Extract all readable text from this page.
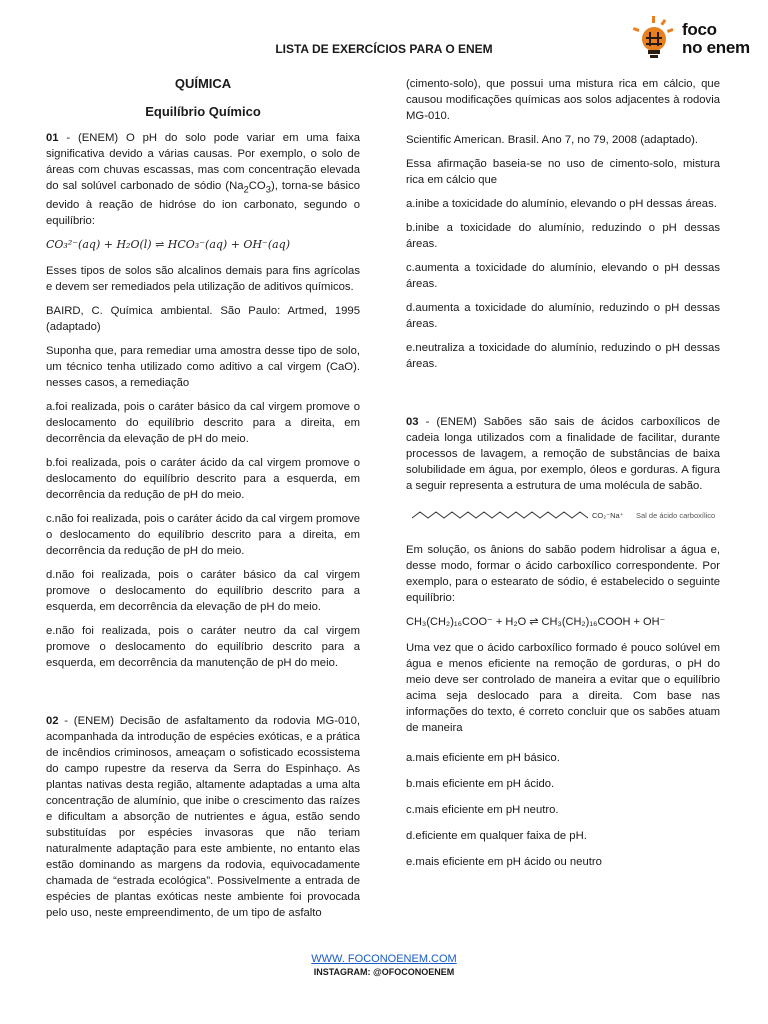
foco
no enem
LISTA DE EXERCÍCIOS PARA O ENEM
QUÍMICA
Equilíbrio Químico

01 - (ENEM) O pH do solo pode variar em uma faixa significativa devido a várias causas. Por exemplo, o solo de áreas com chuvas escassas, mas com concentração elevada do sal solúvel carbonado de sódio $(Na_2CO_3)$, torna-se básico devido à reação de hidróse do ion carbonato, segundo o equilíbrio:

CO₃²⁻(aq) + H₂O(l) ⇌ HCO₃⁻(aq) + OH⁻(aq)

Esses tipos de solos são alcalinos demais para fins agrícolas e devem ser remediados pela utilização de aditivos químicos.

BAIRD, C. Química ambiental. São Paulo: Artmed, 1995 (adaptado)

Suponha que, para remediar uma amostra desse tipo de solo, um técnico tenha utilizado como aditivo a cal virgem (CaO). nesses casos, a remediação

a.foi realizada, pois o caráter básico da cal virgem promove o deslocamento do equilíbrio descrito para a direita, em decorrência da elevação de pH do meio.

b.foi realizada, pois o caráter ácido da cal virgem promove o deslocamento do equilíbrio descrito para a esquerda, em decorrência da redução de pH do meio.

c.não foi realizada, pois o caráter ácido da cal virgem promove o deslocamento do equilíbrio descrito para a direita, em decorrência da redução de pH do meio.

d.não foi realizada, pois o caráter básico da cal virgem promove o deslocamento do equilíbrio descrito para a esquerda, em decorrência da elevação de pH do meio.

e.não foi realizada, pois o caráter neutro da cal virgem promove o deslocamento do equilíbrio descrito para a esquerda, em decorrência da manutenção de pH do meio.

02 - (ENEM) Decisão de asfaltamento da rodovia MG-010, acompanhada da introdução de espécies exóticas, e a prática de incêndios criminosos, ameaçam o sofisticado ecossistema do campo rupestre da reserva da Serra do Espinhaço. As plantas nativas desta região, altamente adaptadas a uma alta concentração de alumínio, que inibe o crescimento das raízes e dificultam a absorção de nutrientes e água, estão sendo substituídas por espécies invasoras que não teriam naturalmente adaptação para este ambiente, no entanto elas estão dominando as margens da rodovia, equivocadamente chamada de “estrada ecológica”. Possivelmente a entrada de espécies de plantas exóticas neste ambiente foi provocada pelo uso, neste empreendimento, de um tipo de asfalto

(cimento-solo), que possui uma mistura rica em cálcio, que causou modificações químicas aos solos adjacentes à rodovia MG-010.

Scientific American. Brasil. Ano 7, no 79, 2008 (adaptado).

Essa afirmação baseia-se no uso de cimento-solo, mistura rica em cálcio que

a.inibe a toxicidade do alumínio, elevando o pH dessas áreas.

b.inibe a toxicidade do alumínio, reduzindo o pH dessas áreas.

c.aumenta a toxicidade do alumínio, elevando o pH dessas áreas.

d.aumenta a toxicidade do alumínio, reduzindo o pH dessas áreas.

e.neutraliza a toxicidade do alumínio, reduzindo o pH dessas áreas.

03 - (ENEM) Sabões são sais de ácidos carboxílicos de cadeia longa utilizados com a finalidade de facilitar, durante processos de lavagem, a remoção de substâncias de baixa solubilidade em água, por exemplo, óleos e gorduras. A figura a seguir representa a estrutura de uma molécula de sabão.

CO₂⁻Na⁺ Sal de ácido carboxílico

Em solução, os ânions do sabão podem hidrolisar a água e, desse modo, formar o ácido carboxílico correspondente. Por exemplo, para o estearato de sódio, é estabelecido o seguinte equilíbrio:

CH₃(CH₂)₁₆COO⁻ + H₂O ⇌ CH₃(CH₂)₁₆COOH + OH⁻

Uma vez que o ácido carboxílico formado é pouco solúvel em água e menos eficiente na remoção de gorduras, o pH do meio deve ser controlado de maneira a evitar que o equilíbrio acima seja deslocado para a direita. Com base nas informações do texto, é correto concluir que os sabões atuam de maneira

a.mais eficiente em pH básico.

b.mais eficiente em pH ácido.

c.mais eficiente em pH neutro.

d.eficiente em qualquer faixa de pH.

e.mais eficiente em pH ácido ou neutro

WWW. FOCONOENEM.COM
INSTAGRAM: @OFOCONOENEM
